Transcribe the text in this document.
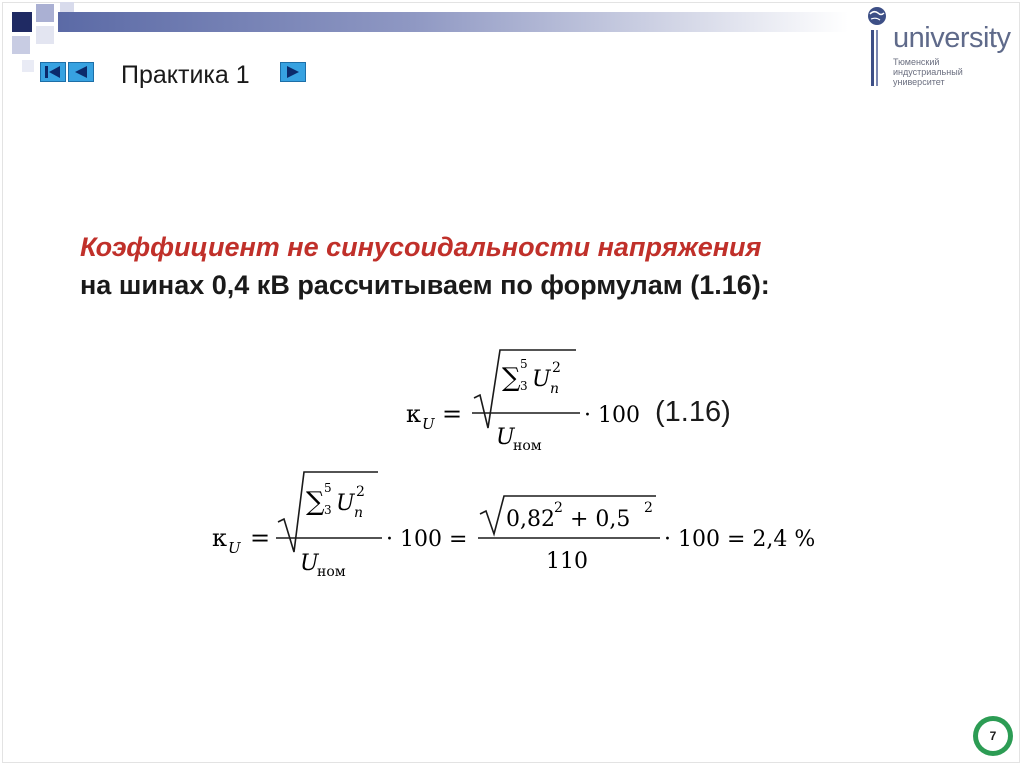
Практика 1
university
Тюменский
индустриальный
университет
Коэффициент не синусоидальности напряжения
на шинах 0,4 кВ рассчитываем по формулам (1.16):
к U =
∑ 5
3 U n
2
U
ном
· 100 (1.16)
к U =
∑ 5
3 U n
2
U
ном
· 100 =
0,82 2 + 0,5 2
110
· 100 = 2,4 %
7
